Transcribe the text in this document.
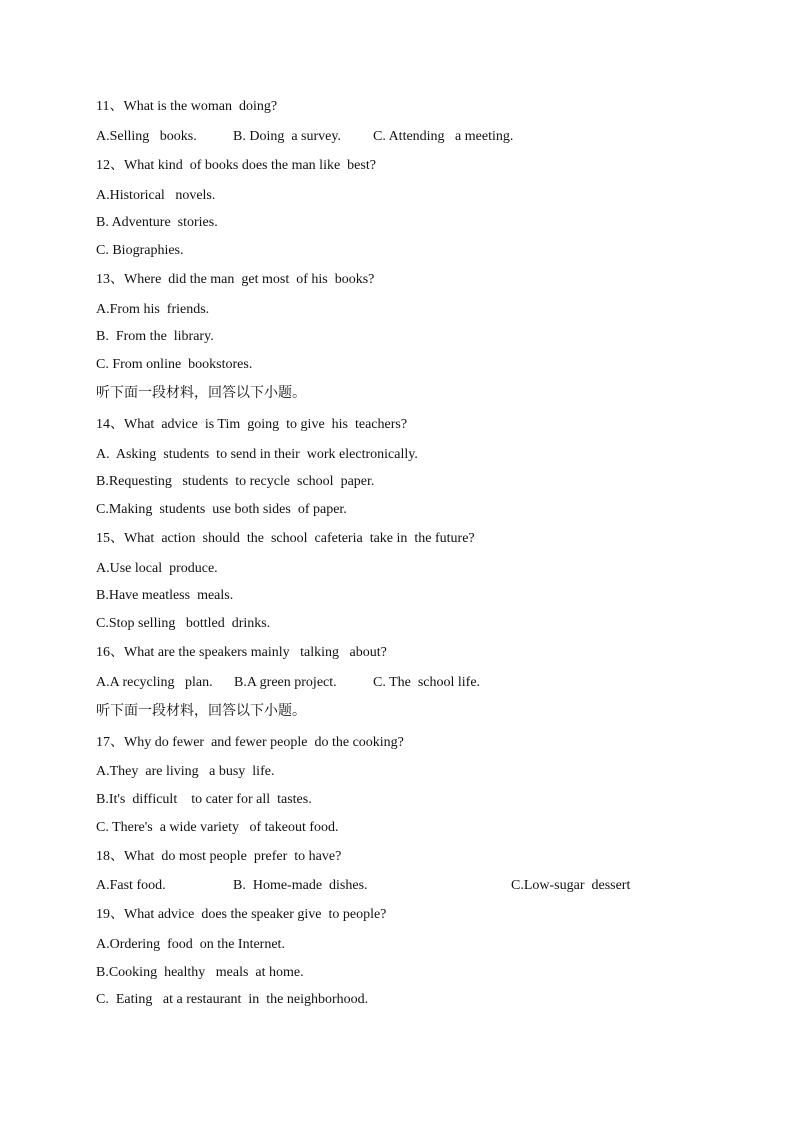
11、What is the woman  doing?
A.Selling   books.	B. Doing  a survey. C. Attending   a meeting.
12、What kind  of books does the man like  best?
A.Historical   novels.
B. Adventure  stories.
C. Biographies.
13、Where  did the man  get most  of his  books?
A.From his  friends.
B.  From the  library.
C. From online  bookstores.
听下面一段材料，回答以下小题。
14、What  advice  is Tim  going  to give  his  teachers?
A.  Asking  students  to send in their  work electronically.
B.Requesting   students  to recycle  school  paper.
C.Making  students  use both sides  of paper.
15、What  action  should  the  school  cafeteria  take in  the future?
A.Use local  produce.
B.Have meatless  meals.
C.Stop selling   bottled  drinks.
16、What are the speakers mainly   talking   about?
A.A recycling   plan. B.A green project.	C. The  school life.
听下面一段材料，回答以下小题。
17、Why do fewer  and fewer people  do the cooking?
A.They  are living   a busy  life.
B.It's  difficult    to cater for all  tastes.
C. There's  a wide variety   of takeout food.
18、What  do most people  prefer  to have?
A.Fast food.	B.  Home-made  dishes.	C.Low-sugar  dessert
19、What advice  does the speaker give  to people?
A.Ordering  food  on the Internet.
B.Cooking  healthy   meals  at home.
C.  Eating   at a restaurant  in  the neighborhood.
